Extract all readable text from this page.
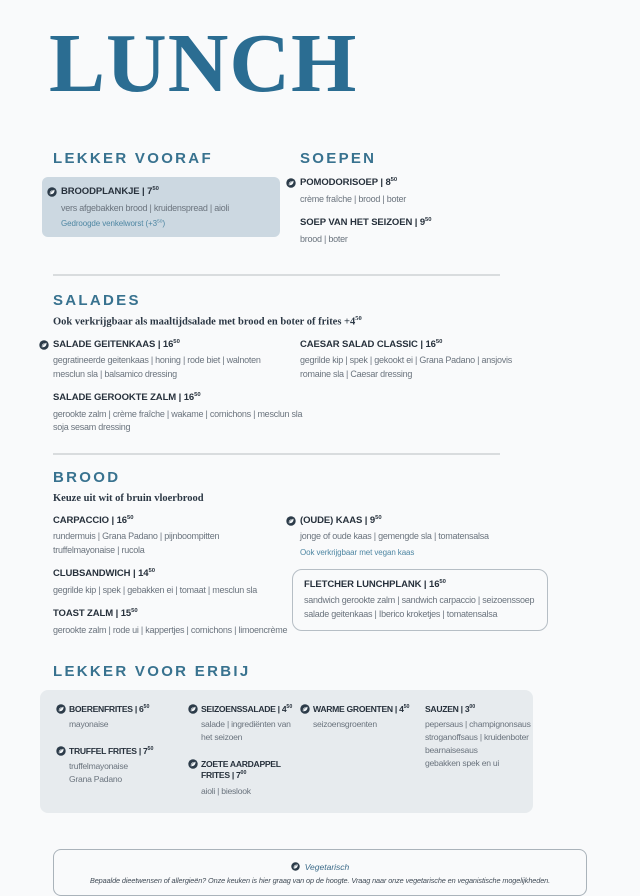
LUNCH
LEKKER VOORAF
BROODPLANKJE | $7^{50}$
vers afgebakken brood | kruidenspread | aioli
Gedroogde venkelworst $(+3^{50})$
SOEPEN
POMODORISOEP | $8^{50}$
crème fraîche | brood | boter
SOEP VAN HET SEIZOEN | $9^{50}$
brood | boter
SALADES
Ook verkrijgbaar als maaltijdsalade met brood en boter of frites $+4^{50}$
SALADE GEITENKAAS | $16^{50}$
gegratineerde geitenkaas | honing | rode biet | walnoten
mesclun sla | balsamico dressing
SALADE GEROOKTE ZALM | $16^{50}$
gerookte zalm | crème fraîche | wakame | cornichons | mesclun sla
soja sesam dressing
CAESAR SALAD CLASSIC | $16^{50}$
gegrilde kip | spek | gekookt ei | Grana Padano | ansjovis
romaine sla | Caesar dressing
BROOD
Keuze uit wit of bruin vloerbrood
CARPACCIO | $16^{50}$
rundermuis | Grana Padano | pijnboompitten
truffelmayonaise | rucola
CLUBSANDWICH | $14^{50}$
gegrilde kip | spek | gebakken ei | tomaat | mesclun sla
TOAST ZALM | $15^{50}$
gerookte zalm | rode ui | kappertjes | cornichons | limoencrème
(OUDE) KAAS | $9^{50}$
jonge of oude kaas | gemengde sla | tomatensalsa
Ook verkrijgbaar met vegan kaas
FLETCHER LUNCHPLANK | $16^{50}$
sandwich gerookte zalm | sandwich carpaccio | seizoenssoep
salade geitenkaas | Iberico kroketjes | tomatensalsa
LEKKER VOOR ERBIJ
BOERENFRITES | $6^{50}$
mayonaise
TRUFFEL FRITES | $7^{50}$
truffelmayonaise
Grana Padano
SEIZOENSSALADE | $4^{50}$
salade | ingrediënten van het seizoen
ZOETE AARDAPPEL FRITES | $7^{00}$
aioli | bieslook
WARME GROENTEN | $4^{50}$
seizoensgroenten
SAUZEN | $3^{00}$
pepersaus | champignonsaus
stroganoffsaus | kruidenboter
bearnaisesaus
gebakken spek en ui
Vegetarisch
Bepaalde dieetwensen of allergieën? Onze keuken is hier graag van op de hoogte. Vraag naar onze vegetarische en veganistische mogelijkheden.
